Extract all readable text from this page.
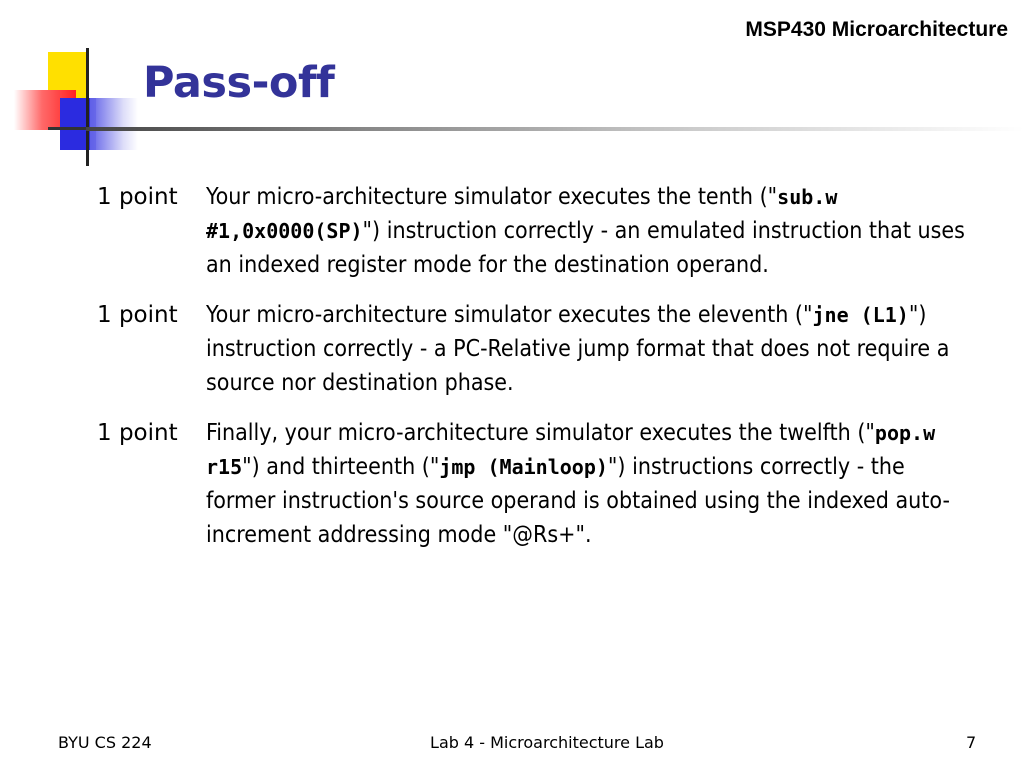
MSP430 Microarchitecture
Pass-off
1 point	Your micro-architecture simulator executes the tenth ("sub.w #1,0x0000(SP)") instruction correctly - an emulated instruction that uses an indexed register mode for the destination operand.
1 point	Your micro-architecture simulator executes the eleventh ("jne (L1)") instruction correctly - a PC-Relative jump format that does not require a source nor destination phase.
1 point	Finally, your micro-architecture simulator executes the twelfth ("pop.w r15") and thirteenth ("jmp (Mainloop)") instructions correctly - the former instruction's source operand is obtained using the indexed auto-increment addressing mode "@Rs+".
BYU CS 224	Lab 4 - Microarchitecture Lab	7
